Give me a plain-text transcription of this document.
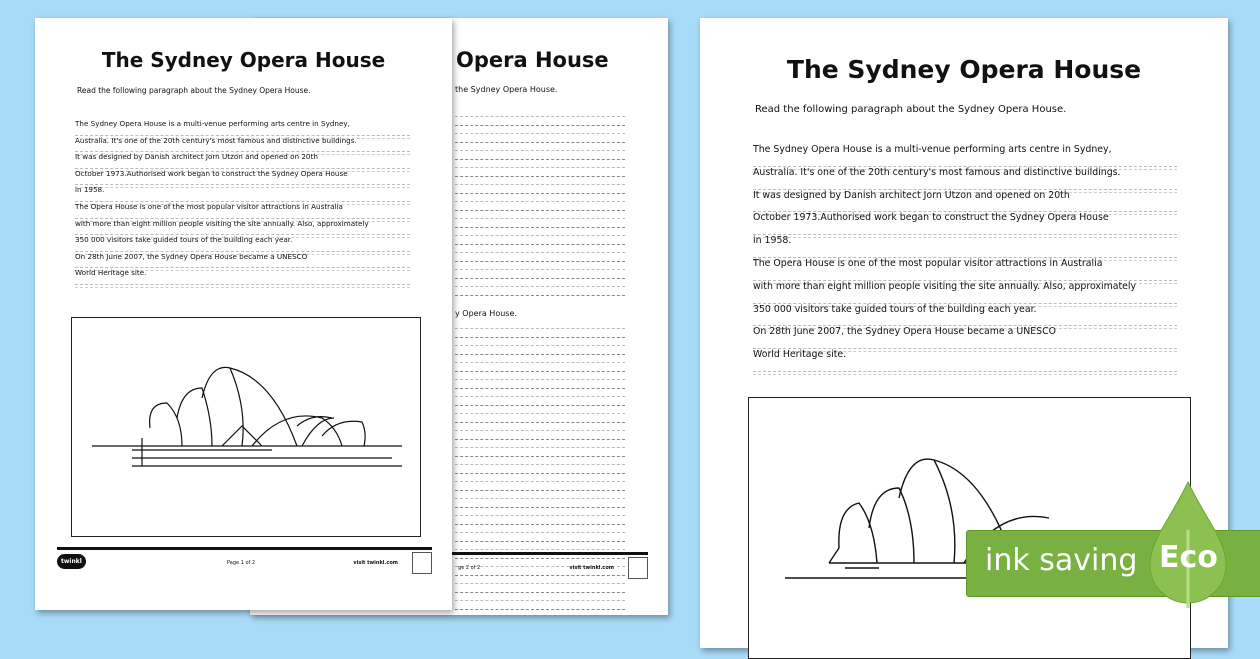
Opera House
the Sydney Opera House.
y Opera House.
ge 2 of 2	visit twinkl.com
The Sydney Opera House
Read the following paragraph about the Sydney Opera House.
The Sydney Opera House is a multi-venue performing arts centre in Sydney,
Australia. It's one of the 20th century's most famous and distinctive buildings.
It was designed by Danish architect Jorn Utzon and opened on 20th
October 1973.Authorised work began to construct the Sydney Opera House
in 1958.
The Opera House is one of the most popular visitor attractions in Australia
with more than eight million people visiting the site annually. Also, approximately
350 000 visitors take guided tours of the building each year.
On 28th June 2007, the Sydney Opera House became a UNESCO
World Heritage site.
twinkl	Page 1 of 2	visit twinkl.com
The Sydney Opera House
Read the following paragraph about the Sydney Opera House.
The Sydney Opera House is a multi-venue performing arts centre in Sydney,
Australia. It's one of the 20th century's most famous and distinctive buildings.
It was designed by Danish architect Jorn Utzon and opened on 20th
October 1973.Authorised work began to construct the Sydney Opera House
in 1958.
The Opera House is one of the most popular visitor attractions in Australia
with more than eight million people visiting the site annually. Also, approximately
350 000 visitors take guided tours of the building each year.
On 28th June 2007, the Sydney Opera House became a UNESCO
World Heritage site.
ink saving Eco
